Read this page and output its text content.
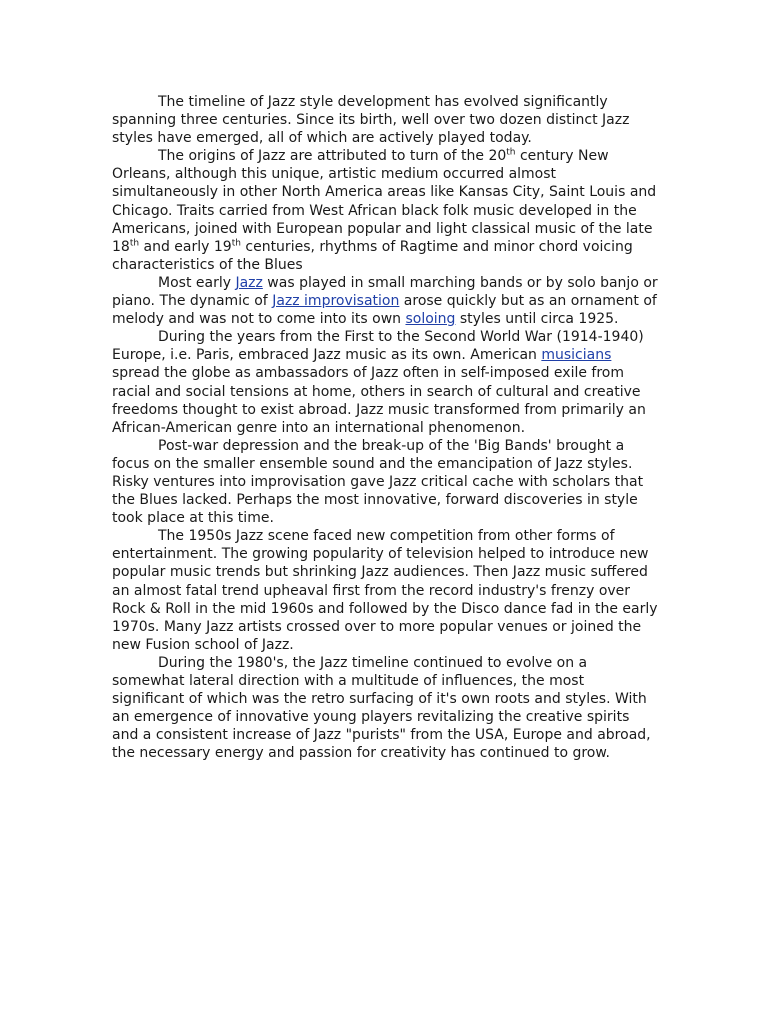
The timeline of Jazz style development has evolved significantly spanning three centuries. Since its birth, well over two dozen distinct Jazz styles have emerged, all of which are actively played today.

The origins of Jazz are attributed to turn of the 20th century New Orleans, although this unique, artistic medium occurred almost simultaneously in other North America areas like Kansas City, Saint Louis and Chicago. Traits carried from West African black folk music developed in the Americans, joined with European popular and light classical music of the late 18th and early 19th centuries, rhythms of Ragtime and minor chord voicing characteristics of the Blues

Most early Jazz was played in small marching bands or by solo banjo or piano. The dynamic of Jazz improvisation arose quickly but as an ornament of melody and was not to come into its own soloing styles until circa 1925.

During the years from the First to the Second World War (1914-1940) Europe, i.e. Paris, embraced Jazz music as its own. American musicians spread the globe as ambassadors of Jazz often in self-imposed exile from racial and social tensions at home, others in search of cultural and creative freedoms thought to exist abroad. Jazz music transformed from primarily an African-American genre into an international phenomenon.

Post-war depression and the break-up of the 'Big Bands' brought a focus on the smaller ensemble sound and the emancipation of Jazz styles. Risky ventures into improvisation gave Jazz critical cache with scholars that the Blues lacked. Perhaps the most innovative, forward discoveries in style took place at this time.

The 1950s Jazz scene faced new competition from other forms of entertainment. The growing popularity of television helped to introduce new popular music trends but shrinking Jazz audiences. Then Jazz music suffered an almost fatal trend upheaval first from the record industry's frenzy over Rock & Roll in the mid 1960s and followed by the Disco dance fad in the early 1970s. Many Jazz artists crossed over to more popular venues or joined the new Fusion school of Jazz.

During the 1980's, the Jazz timeline continued to evolve on a somewhat lateral direction with a multitude of influences, the most significant of which was the retro surfacing of it's own roots and styles. With an emergence of innovative young players revitalizing the creative spirits and a consistent increase of Jazz "purists" from the USA, Europe and abroad, the necessary energy and passion for creativity has continued to grow.
